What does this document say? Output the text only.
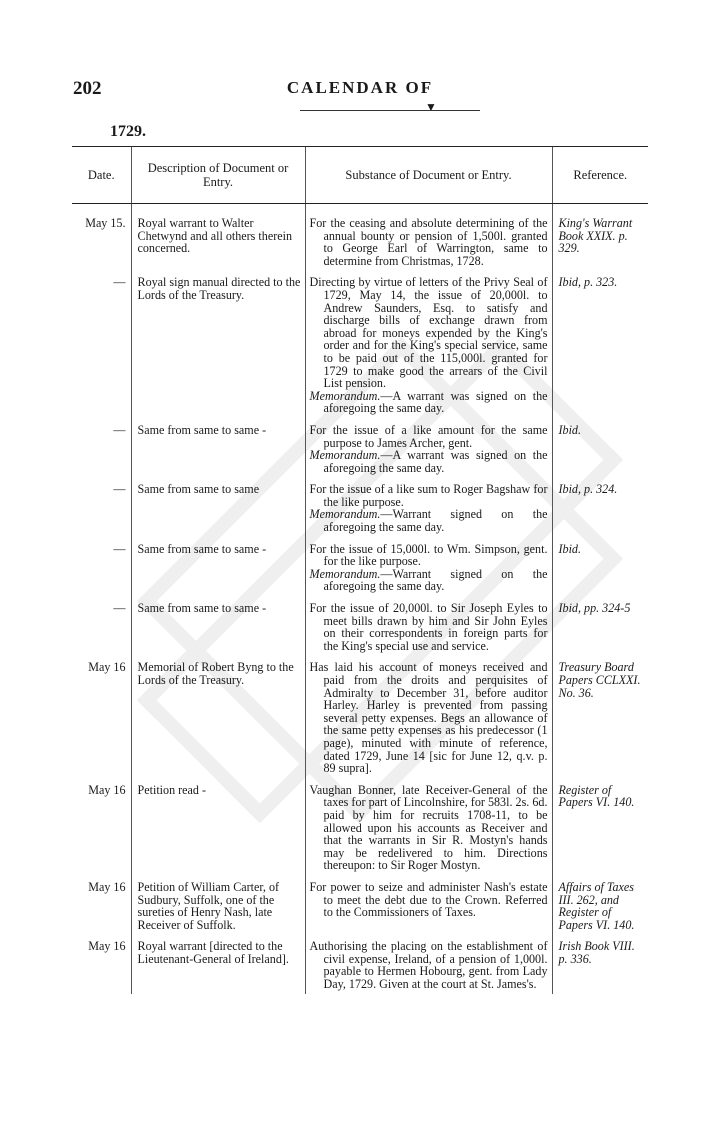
202	CALENDAR OF
▼
1729.
Date.	Description of Document or Entry.	Substance of Document or Entry.	Reference.
May 15.	Royal warrant to Walter Chetwynd and all others therein concerned.	For the ceasing and absolute determining of the annual bounty or pension of 1,500l. granted to George Earl of Warrington, same to determine from Christmas, 1728.	King's Warrant Book XXIX. p. 329.

—	Royal sign manual directed to the Lords of the Treasury.	Directing by virtue of letters of the Privy Seal of 1729, May 14, the issue of 20,000l. to Andrew Saunders, Esq. to satisfy and discharge bills of exchange drawn from abroad for moneys expended by the King's order and for the King's special service, same to be paid out of the 115,000l. granted for 1729 to make good the arrears of the Civil List pension.
Memorandum.—A warrant was signed on the aforegoing the same day.	Ibid, p. 323.

—	Same from same to same -	For the issue of a like amount for the same purpose to James Archer, gent.
Memorandum.—A warrant was signed on the aforegoing the same day.	Ibid.

—	Same from same to same	For the issue of a like sum to Roger Bagshaw for the like purpose.
Memorandum.—Warrant signed on the aforegoing the same day.	Ibid, p. 324.

—	Same from same to same -	For the issue of 15,000l. to Wm. Simpson, gent. for the like purpose.
Memorandum.—Warrant signed on the aforegoing the same day.	Ibid.

—	Same from same to same -	For the issue of 20,000l. to Sir Joseph Eyles to meet bills drawn by him and Sir John Eyles on their correspondents in foreign parts for the King's special use and service.	Ibid, pp. 324-5

May 16	Memorial of Robert Byng to the Lords of the Treasury.	Has laid his account of moneys received and paid from the droits and perquisites of Admiralty to December 31, before auditor Harley. Harley is prevented from passing several petty expenses. Begs an allowance of the same petty expenses as his predecessor (1 page), minuted with minute of reference, dated 1729, June 14 [sic for June 12, q.v. p. 89 supra].	Treasury Board Papers CCLXXI. No. 36.

May 16	Petition read -	Vaughan Bonner, late Receiver-General of the taxes for part of Lincolnshire, for 583l. 2s. 6d. paid by him for recruits 1708-11, to be allowed upon his accounts as Receiver and that the warrants in Sir R. Mostyn's hands may be redelivered to him. Directions thereupon: to Sir Roger Mostyn.	Register of Papers VI. 140.

May 16	Petition of William Carter, of Sudbury, Suffolk, one of the sureties of Henry Nash, late Receiver of Suffolk.	For power to seize and administer Nash's estate to meet the debt due to the Crown. Referred to the Commissioners of Taxes.	Affairs of Taxes III. 262, and Register of Papers VI. 140.

May 16	Royal warrant [directed to the Lieutenant-General of Ireland].	Authorising the placing on the establishment of civil expense, Ireland, of a pension of 1,000l. payable to Hermen Hobourg, gent. from Lady Day, 1729. Given at the court at St. James's.	Irish Book VIII. p. 336.
